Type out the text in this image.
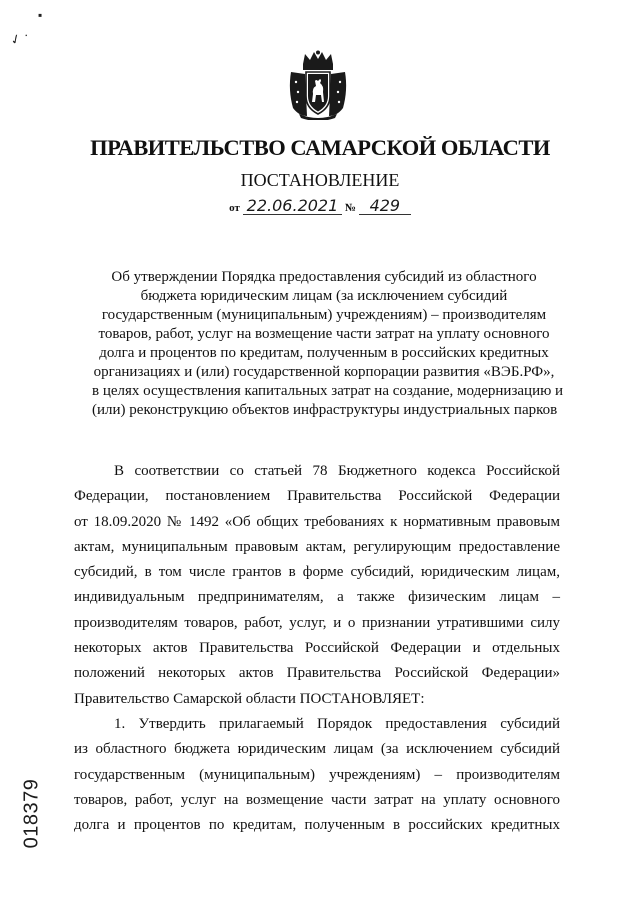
▪
✓ ·
ПРАВИТЕЛЬСТВО САМАРСКОЙ ОБЛАСТИ
ПОСТАНОВЛЕНИЕ
от 22.06.2021 № 429
Об утверждении Порядка предоставления субсидий из областного
бюджета юридическим лицам (за исключением субсидий
государственным (муниципальным) учреждениям) – производителям
товаров, работ, услуг на возмещение части затрат на уплату основного
долга и процентов по кредитам, полученным в российских кредитных
организациях и (или) государственной корпорации развития «ВЭБ.РФ»,
в целях осуществления капитальных затрат на создание, модернизацию и
(или) реконструкцию объектов инфраструктуры индустриальных парков
В соответствии со статьей 78 Бюджетного кодекса Российской
Федерации, постановлением Правительства Российской Федерации
от 18.09.2020 № 1492 «Об общих требованиях к нормативным правовым
актам, муниципальным правовым актам, регулирующим предоставление
субсидий, в том числе грантов в форме субсидий, юридическим лицам,
индивидуальным предпринимателям, а также физическим лицам –
производителям товаров, работ, услуг, и о признании утратившими силу
некоторых актов Правительства Российской Федерации и отдельных
положений некоторых актов Правительства Российской Федерации»
Правительство Самарской области ПОСТАНОВЛЯЕТ:
1. Утвердить прилагаемый Порядок предоставления субсидий
из областного бюджета юридическим лицам (за исключением субсидий
государственным (муниципальным) учреждениям) – производителям
товаров, работ, услуг на возмещение части затрат на уплату основного
долга и процентов по кредитам, полученным в российских кредитных
018379
